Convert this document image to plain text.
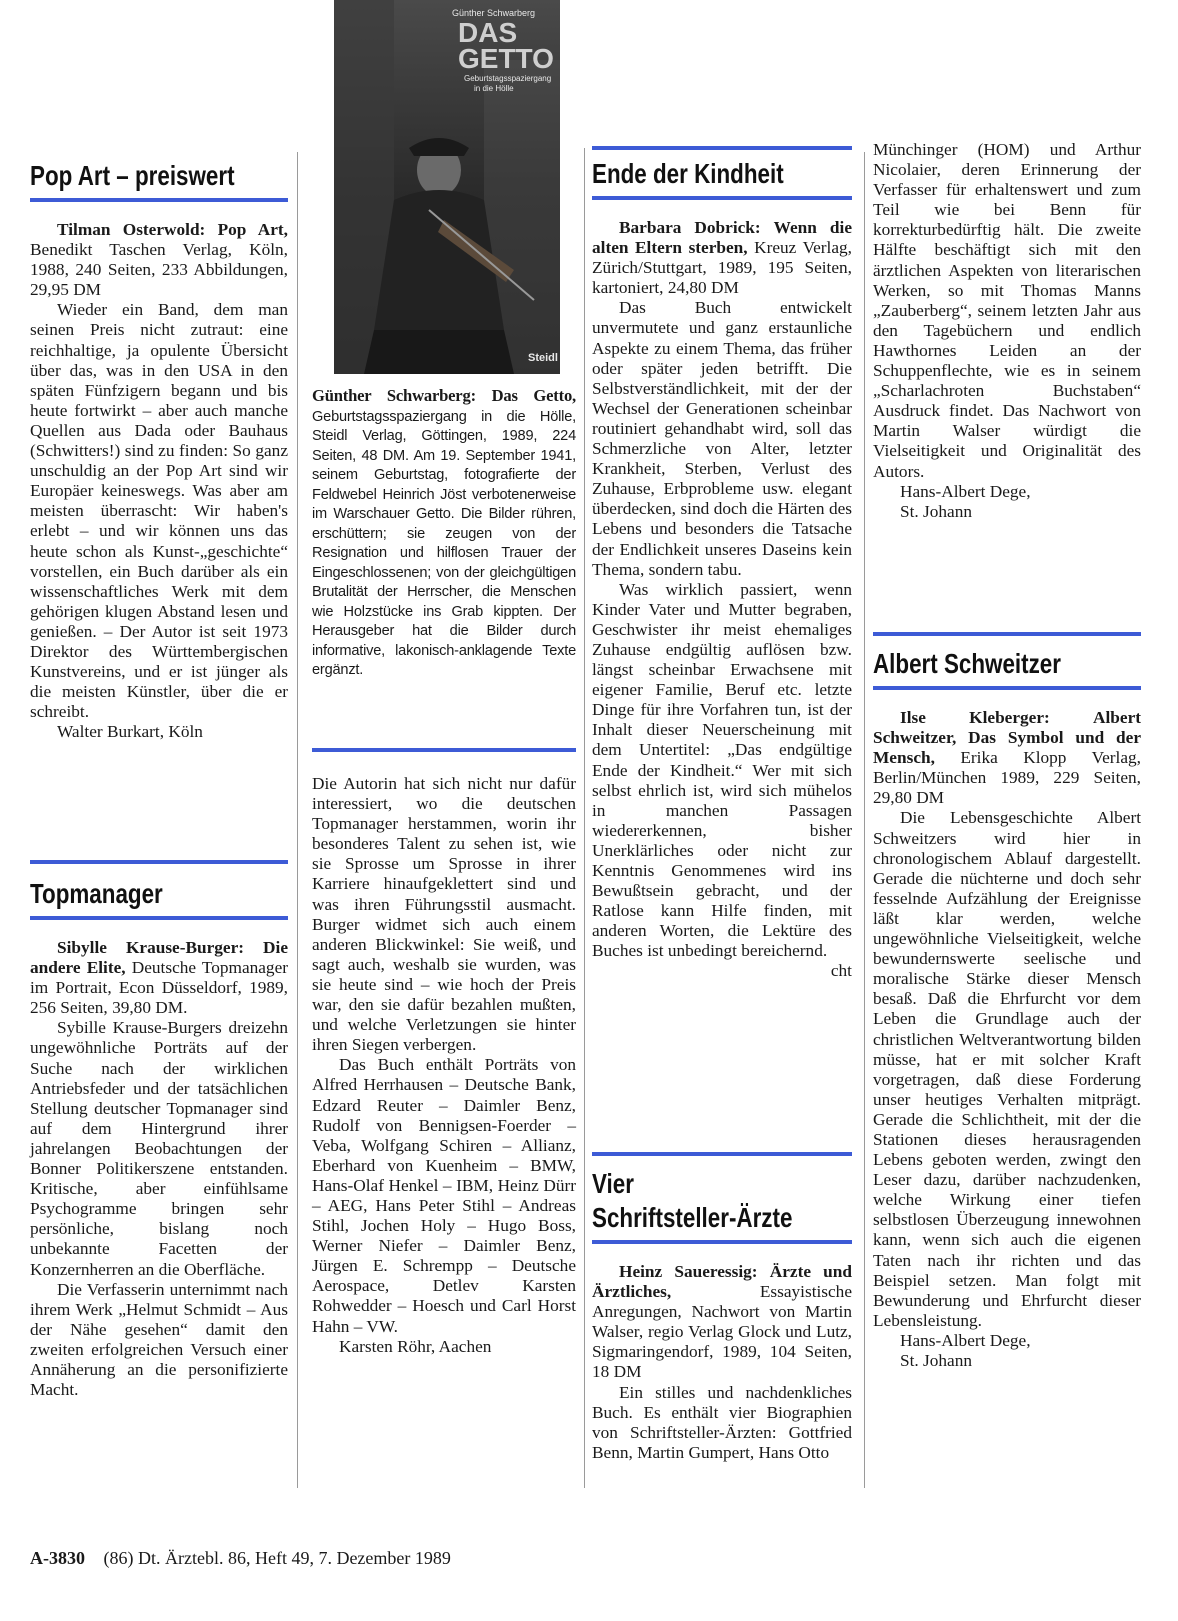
Pop Art – preiswert

Tilman Osterwold: Pop Art, Benedikt Taschen Verlag, Köln, 1988, 240 Seiten, 233 Abbildungen, 29,95 DM

Wieder ein Band, dem man seinen Preis nicht zutraut: eine reichhaltige, ja opulente Übersicht über das, was in den USA in den späten Fünfzigern begann und bis heute fortwirkt – aber auch manche Quellen aus Dada oder Bauhaus (Schwitters!) sind zu finden: So ganz unschuldig an der Pop Art sind wir Europäer keineswegs. Was aber am meisten überrascht: Wir haben's erlebt – und wir können uns das heute schon als Kunst-„geschichte“ vorstellen, ein Buch darüber als ein wissenschaftliches Werk mit dem gehörigen klugen Abstand lesen und genießen. – Der Autor ist seit 1973 Direktor des Württembergischen Kunstvereins, und er ist jünger als die meisten Künstler, über die er schreibt.

Walter Burkart, Köln

Topmanager

Sibylle Krause-Burger: Die andere Elite, Deutsche Topmanager im Portrait, Econ Düsseldorf, 1989, 256 Seiten, 39,80 DM.

Sybille Krause-Burgers dreizehn ungewöhnliche Porträts auf der Suche nach der wirklichen Antriebsfeder und der tatsächlichen Stellung deutscher Topmanager sind auf dem Hintergrund ihrer jahrelangen Beobachtungen der Bonner Politikerszene entstanden. Kritische, aber einfühlsame Psychogramme bringen sehr persönliche, bislang noch unbekannte Facetten der Konzernherren an die Oberfläche.

Die Verfasserin unternimmt nach ihrem Werk „Helmut Schmidt – Aus der Nähe gesehen“ damit den zweiten erfolgreichen Versuch einer Annäherung an die personifizierte Macht.

Günther Schwarberg
DAS
GETTO
Geburtstagsspaziergang
in die Hölle
Steidl

Günther Schwarberg: Das Getto, Geburtstagsspaziergang in die Hölle, Steidl Verlag, Göttingen, 1989, 224 Seiten, 48 DM. Am 19. September 1941, seinem Geburtstag, fotografierte der Feldwebel Heinrich Jöst verbotenerweise im Warschauer Getto. Die Bilder rühren, erschüttern; sie zeugen von der Resignation und hilflosen Trauer der Eingeschlossenen; von der gleichgültigen Brutalität der Herrscher, die Menschen wie Holzstücke ins Grab kippten. Der Herausgeber hat die Bilder durch informative, lakonisch-anklagende Texte ergänzt.

Die Autorin hat sich nicht nur dafür interessiert, wo die deutschen Topmanager herstammen, worin ihr besonderes Talent zu sehen ist, wie sie Sprosse um Sprosse in ihrer Karriere hinaufgeklettert sind und was ihren Führungsstil ausmacht. Burger widmet sich auch einem anderen Blickwinkel: Sie weiß, und sagt auch, weshalb sie wurden, was sie heute sind – wie hoch der Preis war, den sie dafür bezahlen mußten, und welche Verletzungen sie hinter ihren Siegen verbergen.

Das Buch enthält Porträts von Alfred Herrhausen – Deutsche Bank, Edzard Reuter – Daimler Benz, Rudolf von Bennigsen-Foerder – Veba, Wolfgang Schiren – Allianz, Eberhard von Kuenheim – BMW, Hans-Olaf Henkel – IBM, Heinz Dürr – AEG, Hans Peter Stihl – Andreas Stihl, Jochen Holy – Hugo Boss, Werner Niefer – Daimler Benz, Jürgen E. Schrempp – Deutsche Aerospace, Detlev Karsten Rohwedder – Hoesch und Carl Horst Hahn – VW.

Karsten Röhr, Aachen

Ende der Kindheit

Barbara Dobrick: Wenn die alten Eltern sterben, Kreuz Verlag, Zürich/Stuttgart, 1989, 195 Seiten, kartoniert, 24,80 DM

Das Buch entwickelt unvermutete und ganz erstaunliche Aspekte zu einem Thema, das früher oder später jeden betrifft. Die Selbstverständlichkeit, mit der der Wechsel der Generationen scheinbar routiniert gehandhabt wird, soll das Schmerzliche von Alter, letzter Krankheit, Sterben, Verlust des Zuhause, Erbprobleme usw. elegant überdecken, sind doch die Härten des Lebens und besonders die Tatsache der Endlichkeit unseres Daseins kein Thema, sondern tabu.

Was wirklich passiert, wenn Kinder Vater und Mutter begraben, Geschwister ihr meist ehemaliges Zuhause endgültig auflösen bzw. längst scheinbar Erwachsene mit eigener Familie, Beruf etc. letzte Dinge für ihre Vorfahren tun, ist der Inhalt dieser Neuerscheinung mit dem Untertitel: „Das endgültige Ende der Kindheit.“ Wer mit sich selbst ehrlich ist, wird sich mühelos in manchen Passagen wiedererkennen, bisher Unerklärliches oder nicht zur Kenntnis Genommenes wird ins Bewußtsein gebracht, und der Ratlose kann Hilfe finden, mit anderen Worten, die Lektüre des Buches ist unbedingt bereichernd.
cht

Vier
Schriftsteller-Ärzte

Heinz Saueressig: Ärzte und Ärztliches,	Essayistische Anregungen, Nachwort von Martin Walser, regio Verlag Glock und Lutz, Sigmaringendorf, 1989, 104 Seiten, 18 DM

Ein stilles und nachdenkliches Buch. Es enthält vier Biographien von Schriftsteller-Ärzten: Gottfried Benn, Martin Gumpert, Hans Otto

Münchinger (HOM) und Arthur Nicolaier, deren Erinnerung der Verfasser für erhaltenswert und zum Teil wie bei Benn für korrekturbedürftig hält. Die zweite Hälfte beschäftigt sich mit den ärztlichen Aspekten von literarischen Werken, so mit Thomas Manns „Zauberberg“, seinem letzten Jahr aus den Tagebüchern und endlich Hawthornes Leiden an der Schuppenflechte, wie es in seinem „Scharlachroten Buchstaben“ Ausdruck findet. Das Nachwort von Martin Walser würdigt die Vielseitigkeit und Originalität des Autors.

Hans-Albert Dege,

St. Johann

Albert Schweitzer

Ilse Kleberger: Albert Schweitzer, Das Symbol und der Mensch, Erika Klopp Verlag, Berlin/München 1989, 229 Seiten, 29,80 DM

Die Lebensgeschichte Albert Schweitzers wird hier in chronologischem Ablauf dargestellt. Gerade die nüchterne und doch sehr fesselnde Aufzählung der Ereignisse läßt klar werden, welche ungewöhnliche Vielseitigkeit, welche bewundernswerte seelische und moralische Stärke dieser Mensch besaß. Daß die Ehrfurcht vor dem Leben die Grundlage auch der christlichen Weltverantwortung bilden müsse, hat er mit solcher Kraft vorgetragen, daß diese Forderung unser heutiges Verhalten mitprägt. Gerade die Schlichtheit, mit der die Stationen dieses herausragenden Lebens geboten werden, zwingt den Leser dazu, darüber nachzudenken, welche Wirkung einer tiefen selbstlosen Überzeugung innewohnen kann, wenn sich auch die eigenen Taten nach ihr richten und das Beispiel setzen. Man folgt mit Bewunderung und Ehrfurcht dieser Lebensleistung.

Hans-Albert Dege,

St. Johann

A-3830 (86) Dt. Ärztebl. 86, Heft 49, 7. Dezember 1989
